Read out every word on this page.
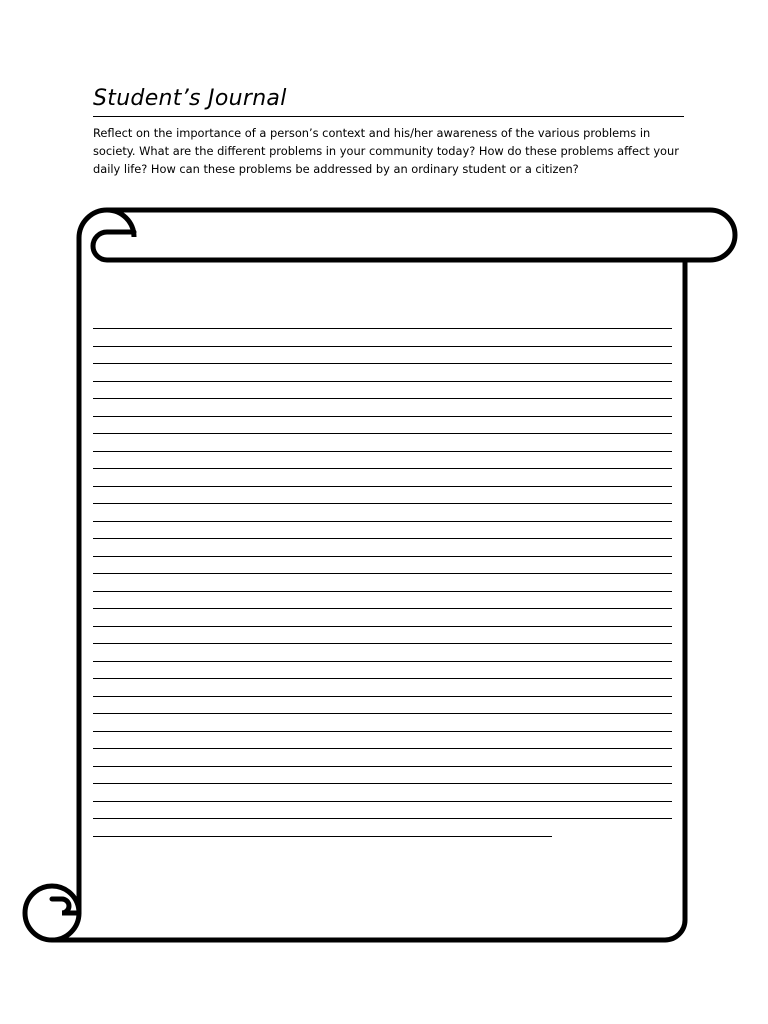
Student’s Journal

Reflect on the importance of a person’s context and his/her awareness of the various problems in society. What are the different problems in your community today? How do these problems affect your daily life? How can these problems be addressed by an ordinary student or a citizen?
